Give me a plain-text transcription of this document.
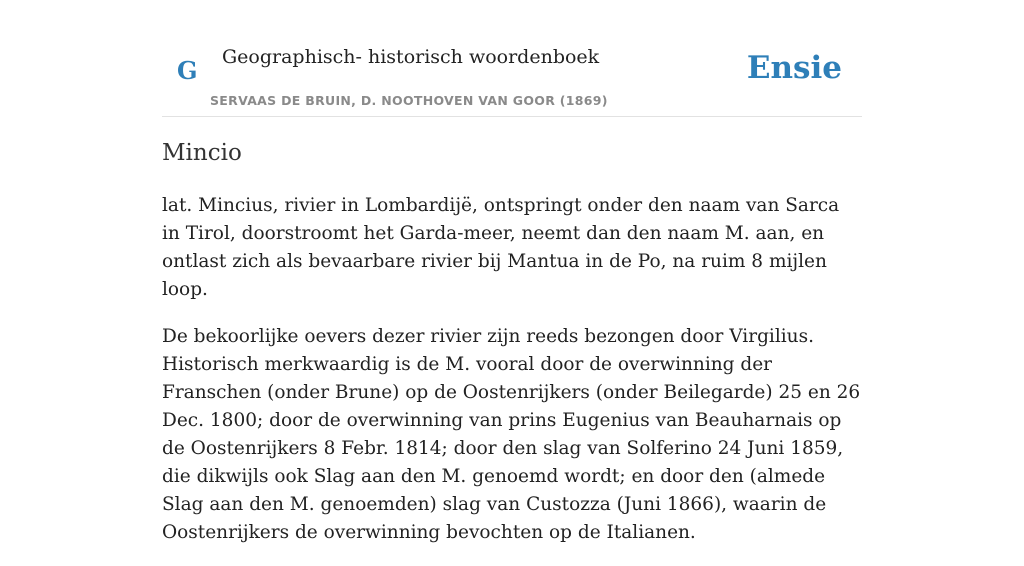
G Geographisch- historisch woordenboek
SERVAAS DE BRUIN, D. NOOTHOVEN VAN GOOR (1869)
Ensie
Mincio

lat. Mincius, rivier in Lombardijë, ontspringt onder den naam van Sarca in Tirol, doorstroomt het Garda-meer, neemt dan den naam M. aan, en ontlast zich als bevaarbare rivier bij Mantua in de Po, na ruim 8 mijlen loop.

De bekoorlijke oevers dezer rivier zijn reeds bezongen door Virgilius. Historisch merkwaardig is de M. vooral door de overwinning der Franschen (onder Brune) op de Oostenrijkers (onder Beilegarde) 25 en 26 Dec. 1800; door de overwinning van prins Eugenius van Beauharnais op de Oostenrijkers 8 Febr. 1814; door den slag van Solferino 24 Juni 1859, die dikwijls ook Slag aan den M. genoemd wordt; en door den (almede Slag aan den M. genoemden) slag van Custozza (Juni 1866), waarin de Oostenrijkers de overwinning bevochten op de Italianen.
